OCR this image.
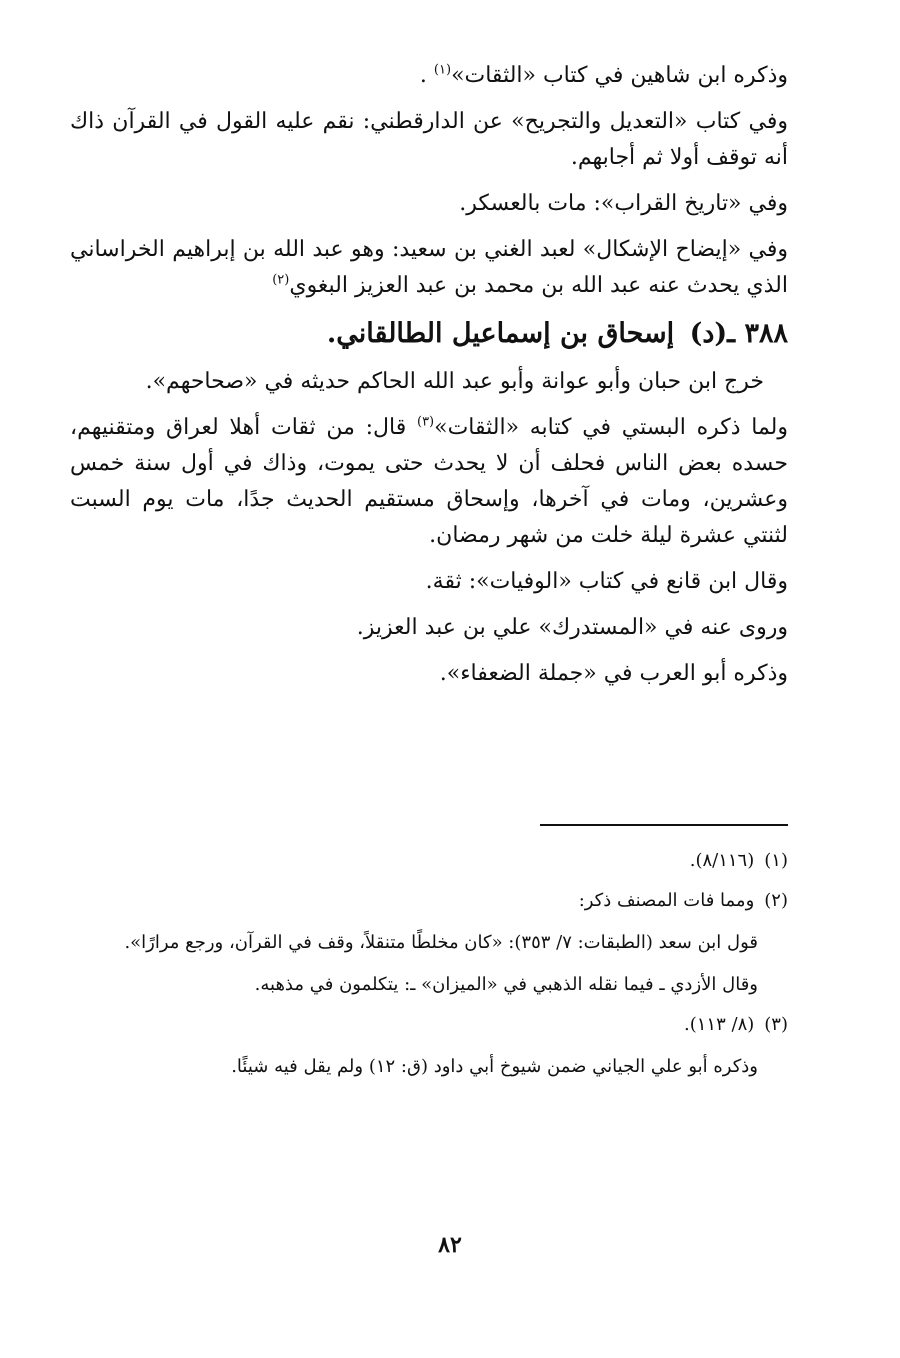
وذكره ابن شاهين في كتاب «الثقات»$^{(١)}$ .

وفي كتاب «التعديل والتجريح» عن الدارقطني: نقم عليه القول في القرآن ذاك أنه توقف أولا ثم أجابهم.

وفي «تاريخ القراب»: مات بالعسكر.

وفي «إيضاح الإشكال» لعبد الغني بن سعيد: وهو عبد الله بن إبراهيم الخراساني الذي يحدث عنه عبد الله بن محمد بن عبد العزيز البغوي$^{(٢)}$

٣٨٨ ـ(د) إسحاق بن إسماعيل الطالقاني.

خرج ابن حبان وأبو عوانة وأبو عبد الله الحاكم حديثه في «صحاحهم».

ولما ذكره البستي في كتابه «الثقات»$^{(٣)}$ قال: من ثقات أهلا لعراق ومتقنيهم، حسده بعض الناس فحلف أن لا يحدث حتى يموت، وذاك في أول سنة خمس وعشرين، ومات في آخرها، وإسحاق مستقيم الحديث جدًا، مات يوم السبت لثنتي عشرة ليلة خلت من شهر رمضان.

وقال ابن قانع في كتاب «الوفيات»: ثقة.

وروى عنه في «المستدرك» علي بن عبد العزيز.

وذكره أبو العرب في «جملة الضعفاء».

(١)(٨/١١٦).
(٢)ومما فات المصنف ذكر:

قول ابن سعد (الطبقات: ٧/ ٣٥٣): «كان مخلطًا متنقلاً، وقف في القرآن، ورجع مرارًا».

وقال الأزدي ـ فيما نقله الذهبي في «الميزان» ـ: يتكلمون في مذهبه.

(٣)(٨/ ١١٣).

وذكره أبو علي الجياني ضمن شيوخ أبي داود (ق: ١٢) ولم يقل فيه شيئًا.

٨٢
